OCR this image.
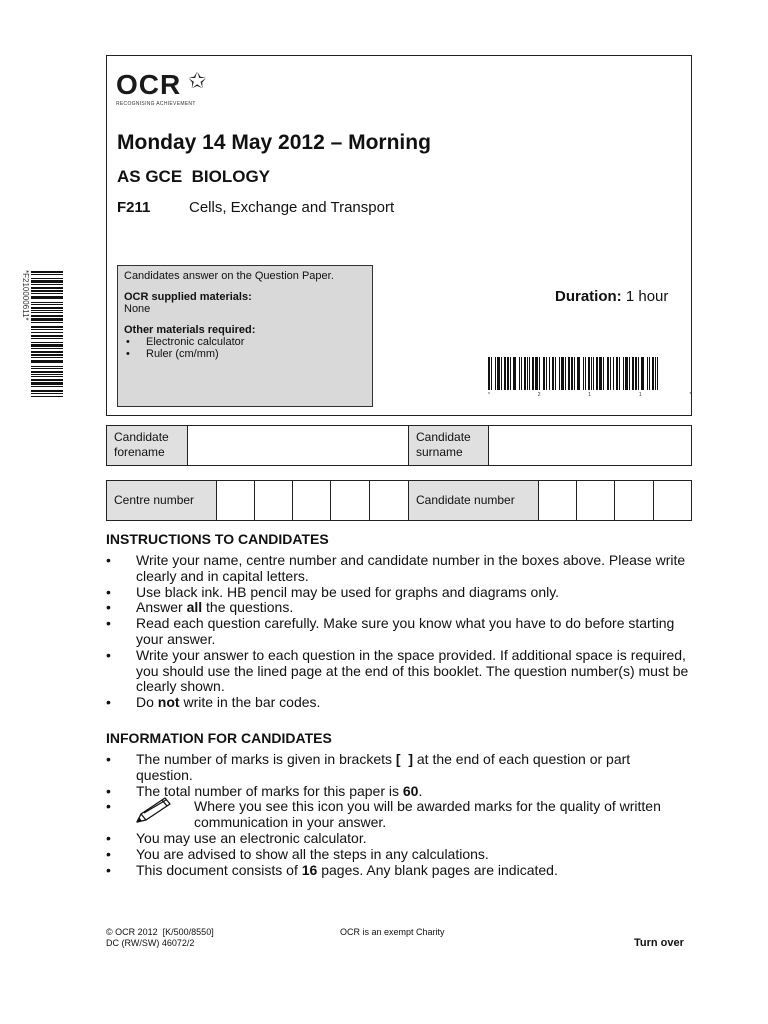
OCR ✩
RECOGNISING ACHIEVEMENT
Monday 14 May 2012 – Morning
AS GCE  BIOLOGY
F211	Cells, Exchange and Transport
Candidates answer on the Question Paper.
OCR supplied materials:
None
Other materials required:
• Electronic calculator
• Ruler (cm/mm)
Duration: 1 hour
*  2  1  1  *
*F210000611*
Candidate
forename
Candidate
surname
Centre number	Candidate number
INSTRUCTIONS TO CANDIDATES
• Write your name, centre number and candidate number in the boxes above. Please write clearly and in capital letters.
• Use black ink. HB pencil may be used for graphs and diagrams only.
• Answer all the questions.
• Read each question carefully. Make sure you know what you have to do before starting your answer.
• Write your answer to each question in the space provided. If additional space is required, you should use the lined page at the end of this booklet. The question number(s) must be clearly shown.
• Do not write in the bar codes.
INFORMATION FOR CANDIDATES
• The number of marks is given in brackets [  ] at the end of each question or part question.
• The total number of marks for this paper is 60.
• Where you see this icon you will be awarded marks for the quality of written communication in your answer.
• You may use an electronic calculator.
• You are advised to show all the steps in any calculations.
• This document consists of 16 pages. Any blank pages are indicated.
© OCR 2012  [K/500/8550]
DC (RW/SW) 46072/2
OCR is an exempt Charity
Turn over
